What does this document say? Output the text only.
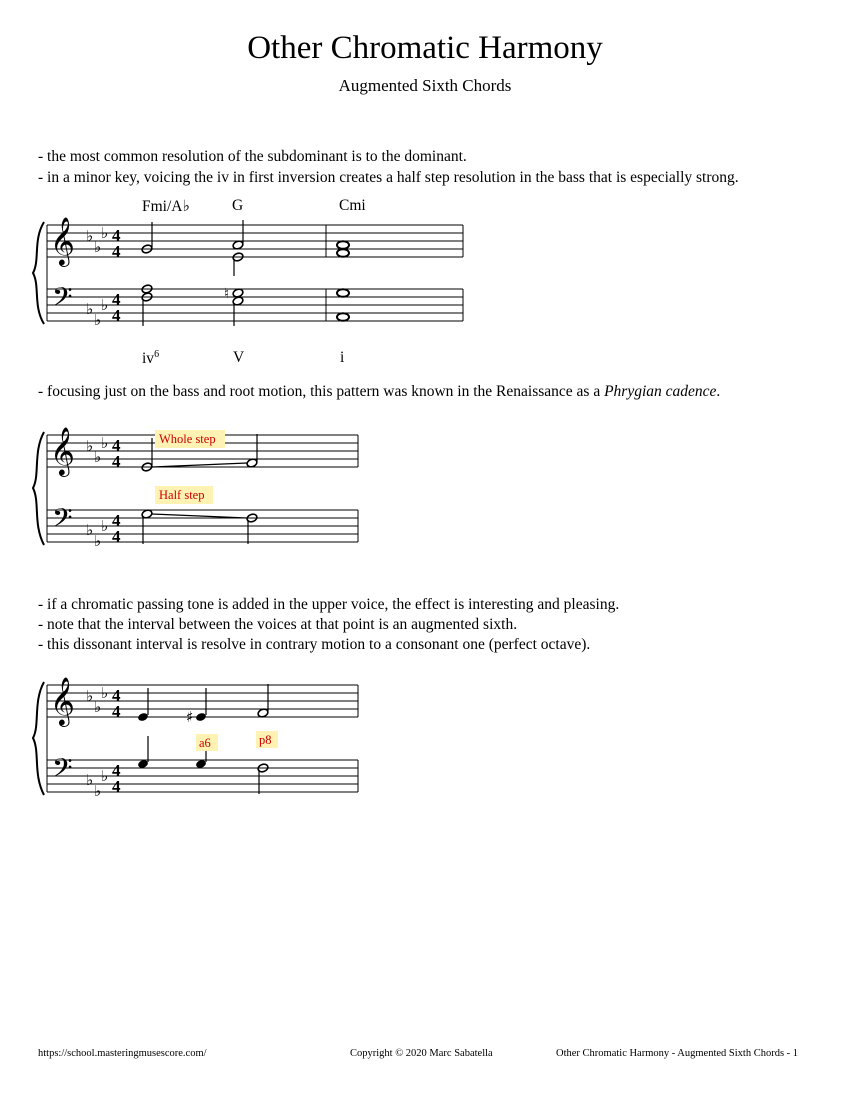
Other Chromatic Harmony
Augmented Sixth Chords
- the most common resolution of the subdominant is to the dominant.
- in a minor key, voicing the iv in first inversion creates a half step resolution in the bass that is especially strong.
Fmi/A♭	G	Cmi
𝄞
𝄢
♭
♭
♭
♭
♭
♭
4
4
4
4
♮
$iv^6$	V	i
- focusing just on the bass and root motion, this pattern was known in the Renaissance as a Phrygian cadence.
𝄞
𝄢
♭
♭
♭
♭
♭
♭
4
4
4
4
Whole step
Half step
- if a chromatic passing tone is added in the upper voice, the effect is interesting and pleasing.
- note that the interval between the voices at that point is an augmented sixth.
- this dissonant interval is resolve in contrary motion to a consonant one (perfect octave).
𝄞
𝄢
♭
♭
♭
♭
♭
♭
4
4
4
4
♯
a6	p8
https://school.masteringmusescore.com/	Copyright © 2020 Marc Sabatella	Other Chromatic Harmony - Augmented Sixth Chords - 1
